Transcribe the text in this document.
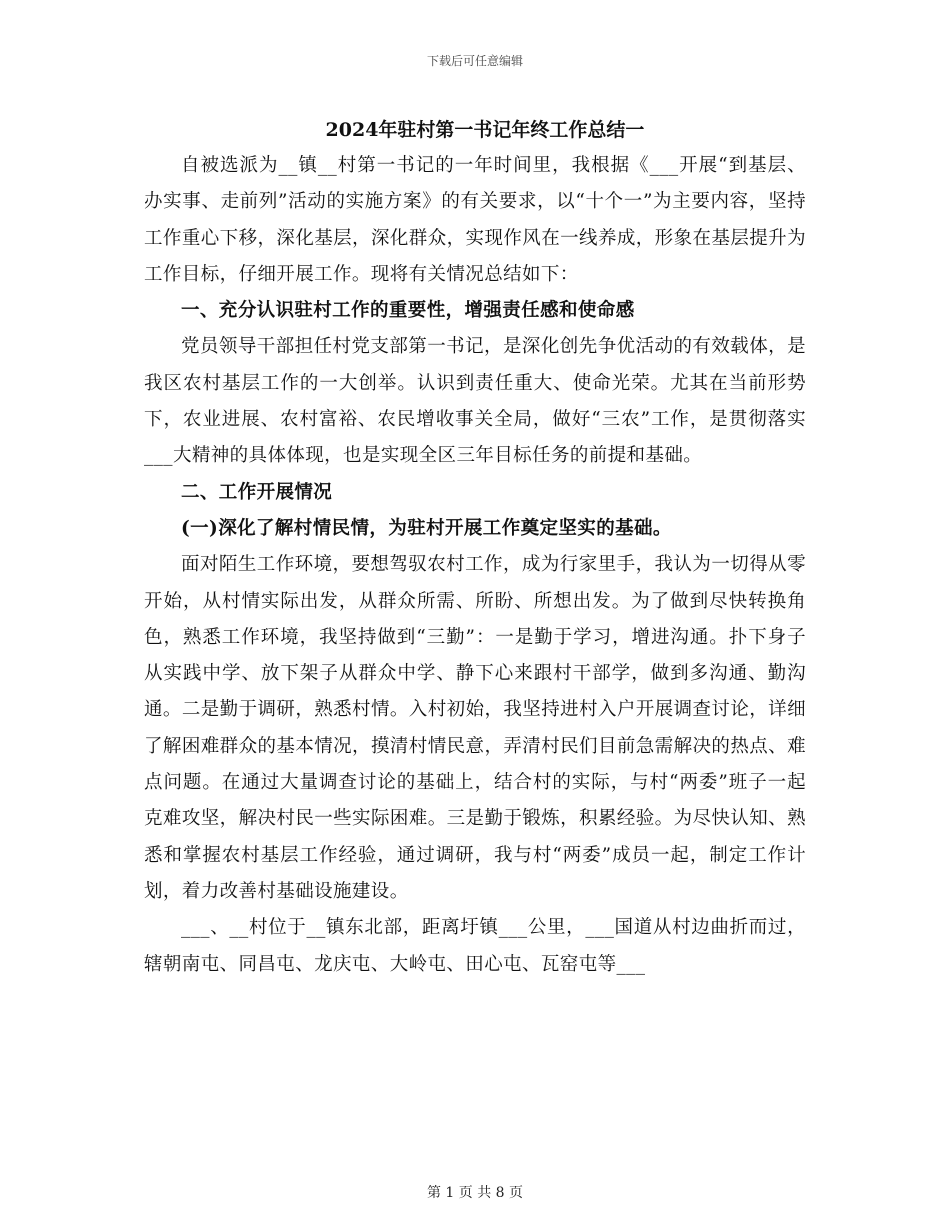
下载后可任意编辑

2024年驻村第一书记年终工作总结一

自被选派为__镇__村第一书记的一年时间里，我根据《___开展“到基层、办实事、走前列”活动的实施方案》的有关要求，以“十个一”为主要内容，坚持工作重心下移，深化基层，深化群众，实现作风在一线养成，形象在基层提升为工作目标，仔细开展工作。现将有关情况总结如下：

一、充分认识驻村工作的重要性，增强责任感和使命感

党员领导干部担任村党支部第一书记，是深化创先争优活动的有效载体，是我区农村基层工作的一大创举。认识到责任重大、使命光荣。尤其在当前形势下，农业进展、农村富裕、农民增收事关全局，做好“三农”工作，是贯彻落实___大精神的具体体现，也是实现全区三年目标任务的前提和基础。

二、工作开展情况

(一)深化了解村情民情，为驻村开展工作奠定坚实的基础。

面对陌生工作环境，要想驾驭农村工作，成为行家里手，我认为一切得从零开始，从村情实际出发，从群众所需、所盼、所想出发。为了做到尽快转换角色，熟悉工作环境，我坚持做到“三勤”：一是勤于学习，增进沟通。扑下身子从实践中学、放下架子从群众中学、静下心来跟村干部学，做到多沟通、勤沟通。二是勤于调研，熟悉村情。入村初始，我坚持进村入户开展调查讨论，详细了解困难群众的基本情况，摸清村情民意，弄清村民们目前急需解决的热点、难点问题。在通过大量调查讨论的基础上，结合村的实际，与村“两委”班子一起克难攻坚，解决村民一些实际困难。三是勤于锻炼，积累经验。为尽快认知、熟悉和掌握农村基层工作经验，通过调研，我与村“两委”成员一起，制定工作计划，着力改善村基础设施建设。

___、__村位于__镇东北部，距离圩镇___公里，___国道从村边曲折而过，辖朝南屯、同昌屯、龙庆屯、大岭屯、田心屯、瓦窑屯等___

第 1 页 共 8 页
